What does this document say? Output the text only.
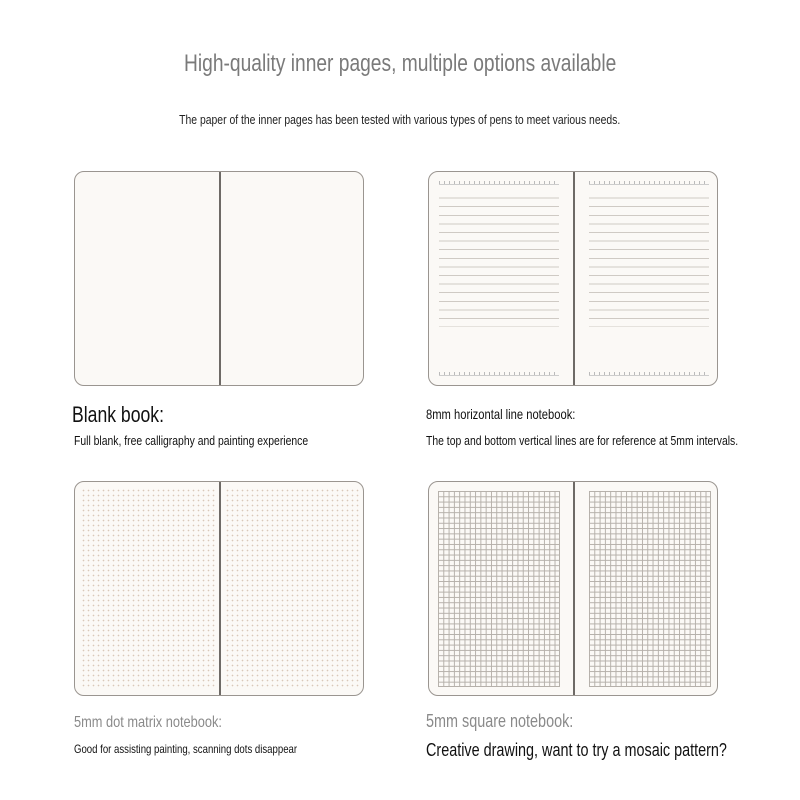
High-quality inner pages, multiple options available
The paper of the inner pages has been tested with various types of pens to meet various needs.
Blank book:
Full blank, free calligraphy and painting experience
8mm horizontal line notebook:
The top and bottom vertical lines are for reference at 5mm intervals.
5mm dot matrix notebook:
Good for assisting painting, scanning dots disappear
5mm square notebook:
Creative drawing, want to try a mosaic pattern?
